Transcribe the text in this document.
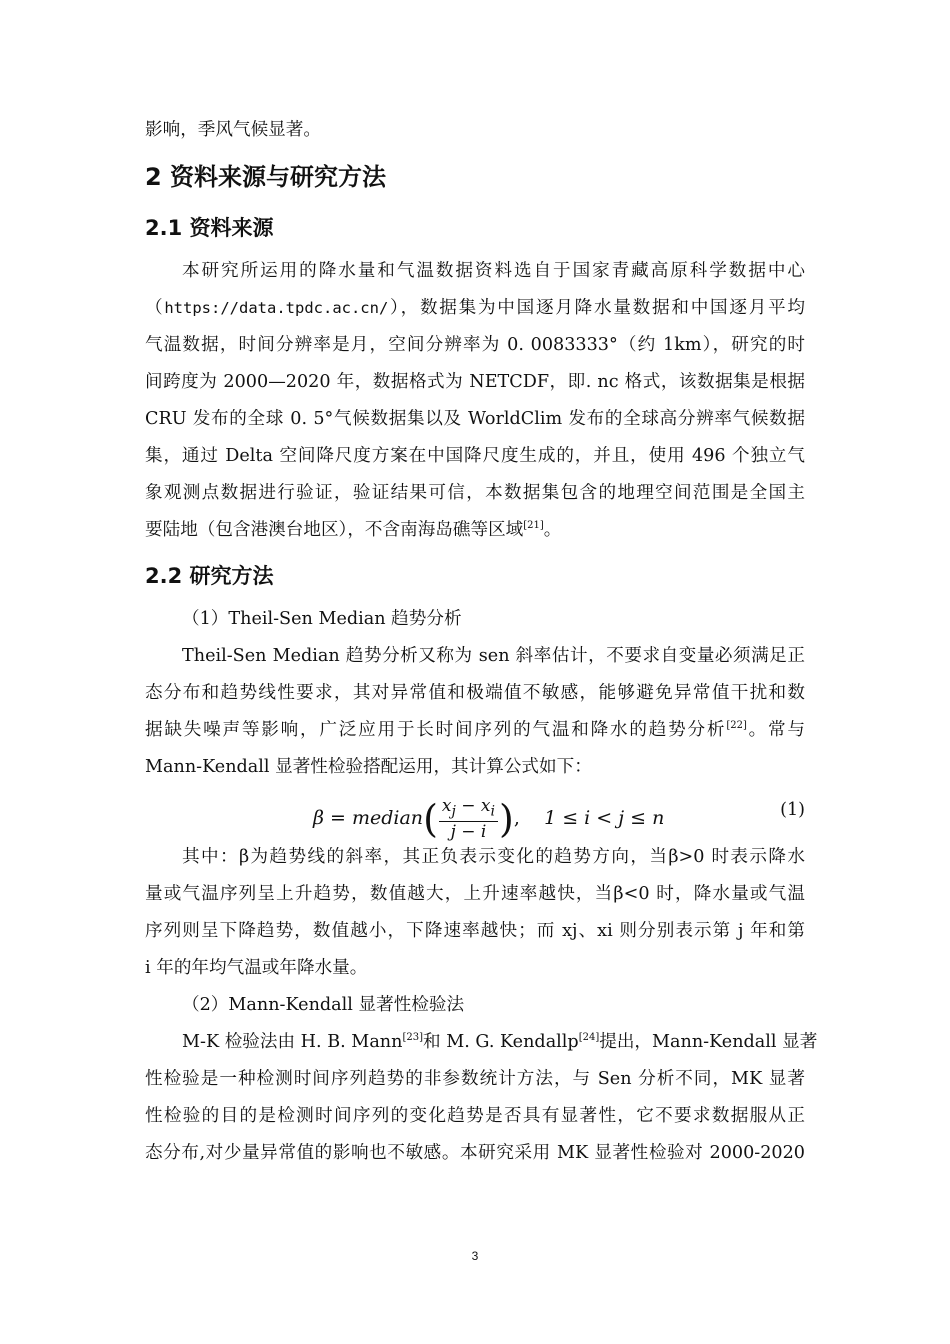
影响，季风气候显著。
2 资料来源与研究方法
2.1 资料来源
本研究所运用的降水量和气温数据资料选自于国家青藏高原科学数据中心
（https://data.tpdc.ac.cn/），数据集为中国逐月降水量数据和中国逐月平均
气温数据，时间分辨率是月，空间分辨率为 0. 0083333°（约 1km），研究的时
间跨度为 2000—2020 年，数据格式为 NETCDF，即. nc 格式，该数据集是根据
CRU 发布的全球 0. 5°气候数据集以及 WorldClim 发布的全球高分辨率气候数据
集，通过 Delta 空间降尺度方案在中国降尺度生成的，并且，使用 496 个独立气
象观测点数据进行验证，验证结果可信，本数据集包含的地理空间范围是全国主
要陆地（包含港澳台地区），不含南海岛礁等区域[21]。
2.2 研究方法
（1）Theil-Sen Median 趋势分析
Theil-Sen Median 趋势分析又称为 sen 斜率估计，不要求自变量必须满足正
态分布和趋势线性要求，其对异常值和极端值不敏感，能够避免异常值干扰和数
据缺失噪声等影响，广泛应用于长时间序列的气温和降水的趋势分析[22]。常与
Mann-Kendall 显著性检验搭配运用，其计算公式如下：
β = median( $\frac{x_j - x_i}{j - i}$ ),    1 ≤ i < j ≤ n	(1)
其中：β为趋势线的斜率，其正负表示变化的趋势方向，当β>0 时表示降水
量或气温序列呈上升趋势，数值越大，上升速率越快，当β<0 时，降水量或气温
序列则呈下降趋势，数值越小，下降速率越快；而 xj、xi 则分别表示第 j 年和第
i 年的年均气温或年降水量。
（2）Mann-Kendall 显著性检验法
M-K 检验法由 H. B. Mann[23]和 M. G. Kendallp[24]提出，Mann-Kendall 显著
性检验是一种检测时间序列趋势的非参数统计方法，与 Sen 分析不同，MK 显著
性检验的目的是检测时间序列的变化趋势是否具有显著性，它不要求数据服从正
态分布,对少量异常值的影响也不敏感。本研究采用 MK 显著性检验对 2000-2020
3
